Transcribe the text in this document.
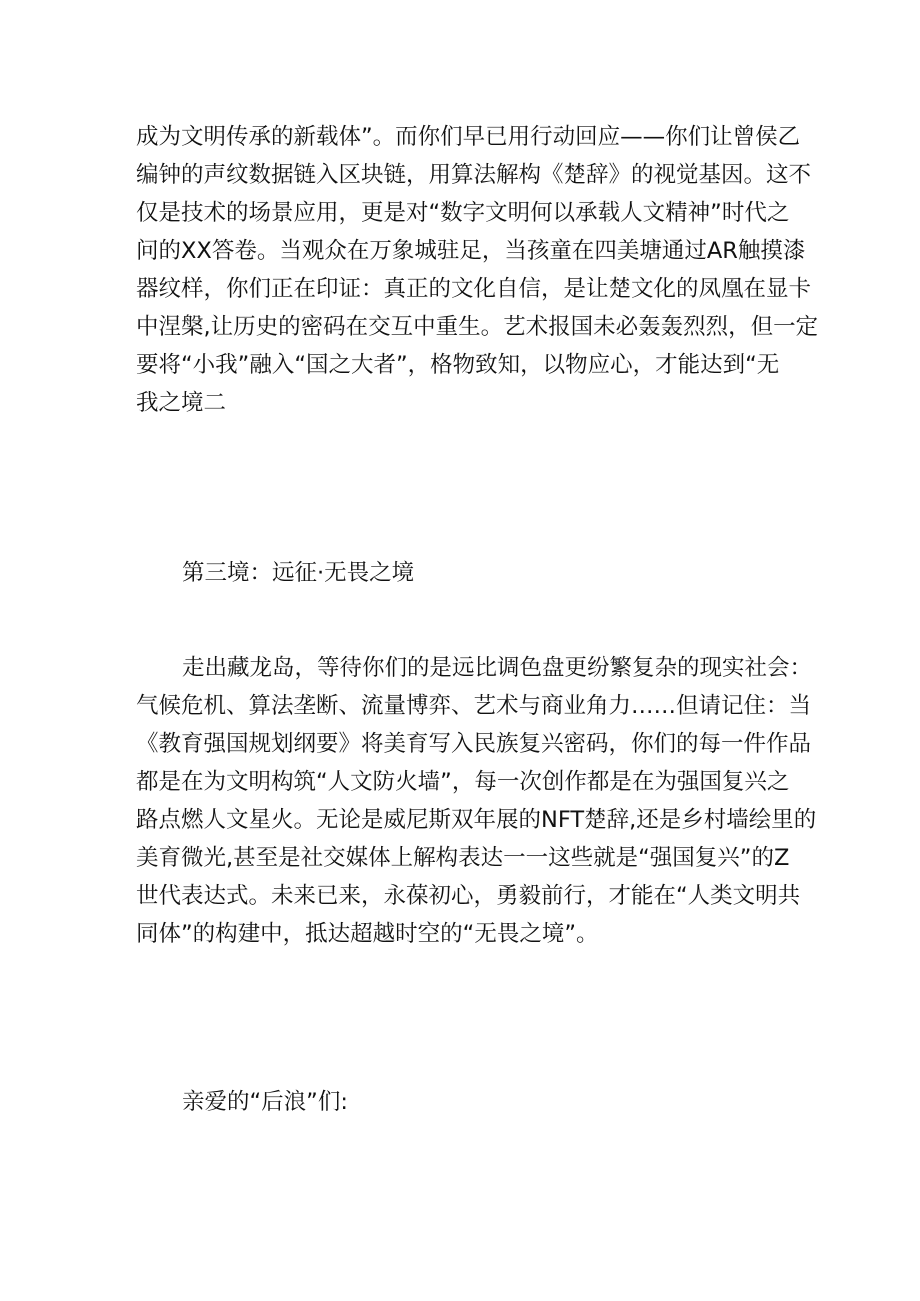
成为文明传承的新载体”。而你们早已用行动回应——你们让曾侯乙
编钟的声纹数据链入区块链，用算法解构《楚辞》的视觉基因。这不
仅是技术的场景应用，更是对“数字文明何以承载人文精神”时代之
问的XX答卷。当观众在万象城驻足，当孩童在四美塘通过AR触摸漆
器纹样，你们正在印证：真正的文化自信，是让楚文化的凤凰在显卡
中涅槃,让历史的密码在交互中重生。艺术报国未必轰轰烈烈，但一定
要将“小我”融入“国之大者”，格物致知，以物应心，才能达到“无
我之境二
第三境：远征·无畏之境
走出藏龙岛，等待你们的是远比调色盘更纷繁复杂的现实社会：
气候危机、算法垄断、流量博弈、艺术与商业角力……但请记住：当
《教育强国规划纲要》将美育写入民族复兴密码，你们的每一件作品
都是在为文明构筑“人文防火墙”，每一次创作都是在为强国复兴之
路点燃人文星火。无论是威尼斯双年展的NFT楚辞,还是乡村墙绘里的
美育微光,甚至是社交媒体上解构表达一一这些就是“强国复兴”的Z
世代表达式。未来已来，永葆初心，勇毅前行，才能在“人类文明共
同体”的构建中，抵达超越时空的“无畏之境”。
亲爱的“后浪”们:
